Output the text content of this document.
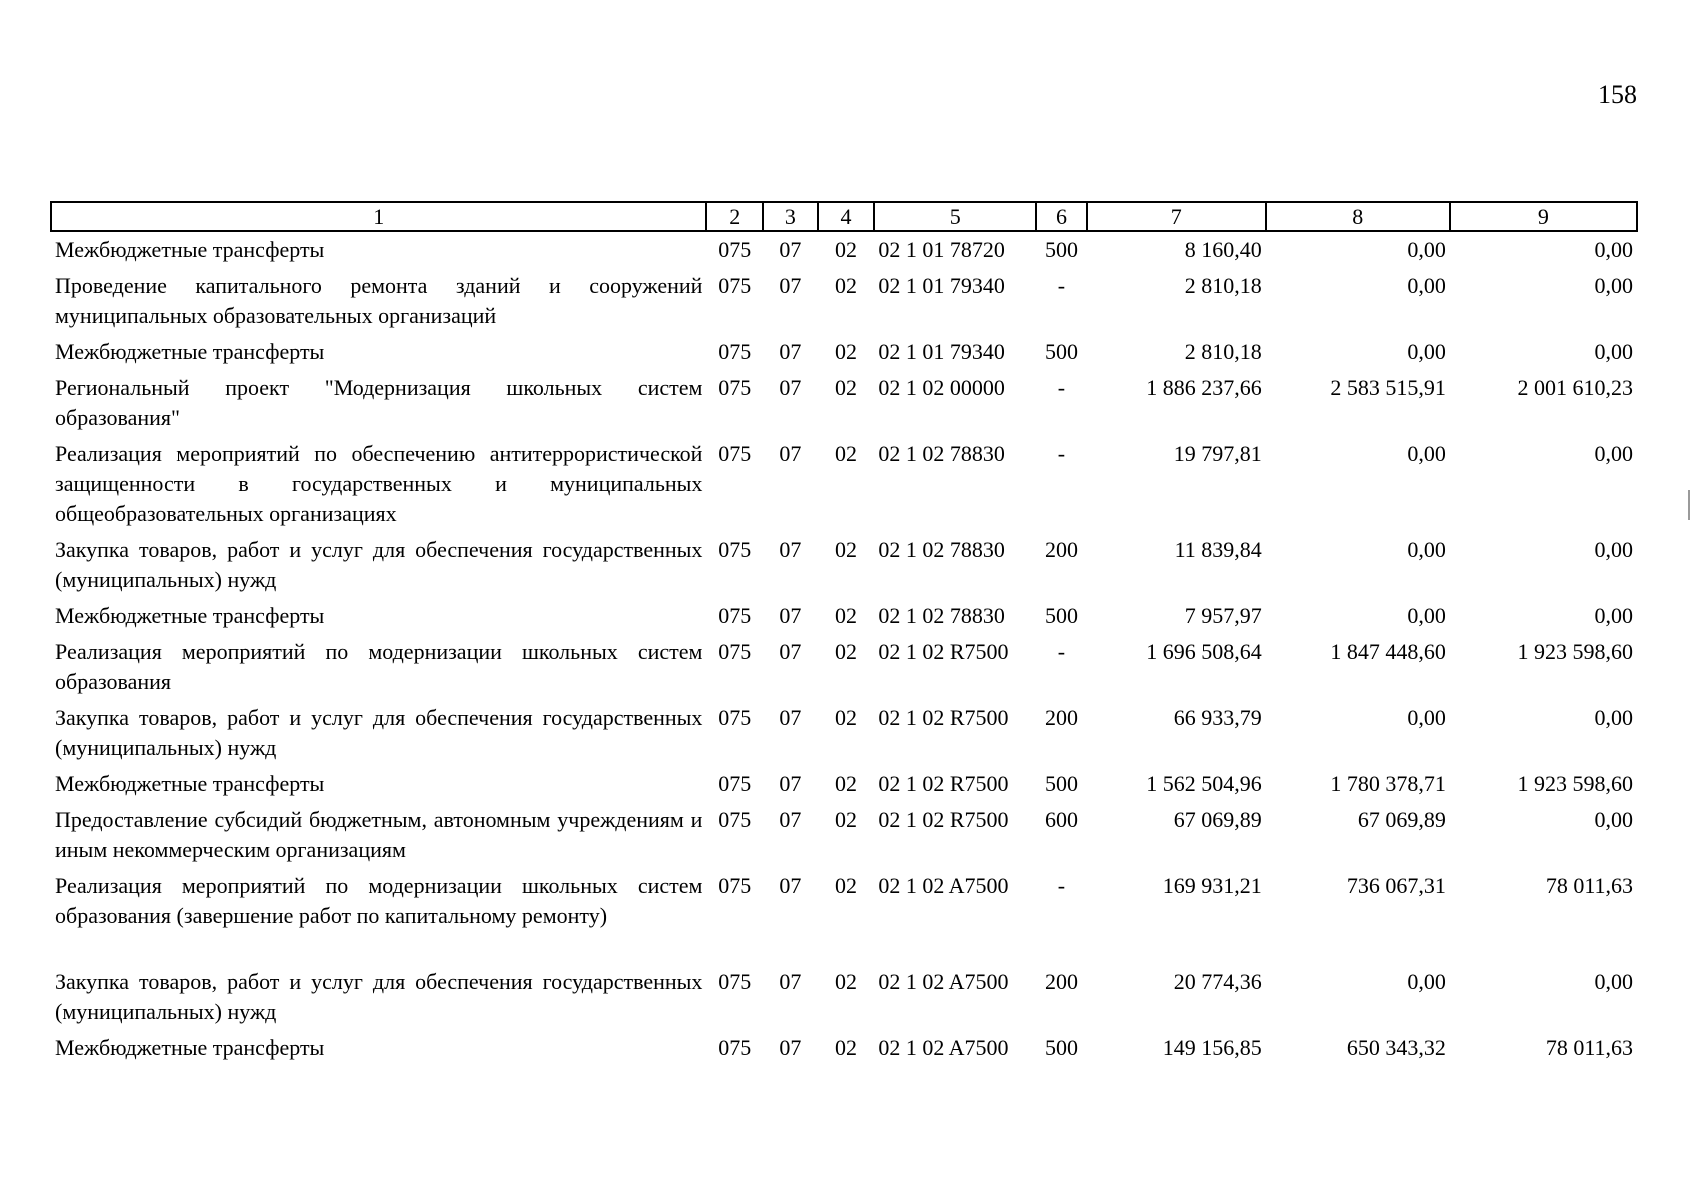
158
1	2	3	4	5	6	7	8	9
Межбюджетные трансферты	075	07	02	02 1 01 78720	500	8 160,40	0,00	0,00
Проведение капитального ремонта зданий и сооружений муниципальных образовательных организаций	075	07	02	02 1 01 79340	-	2 810,18	0,00	0,00
Межбюджетные трансферты	075	07	02	02 1 01 79340	500	2 810,18	0,00	0,00
Региональный проект "Модернизация школьных систем образования"	075	07	02	02 1 02 00000	-	1 886 237,66	2 583 515,91	2 001 610,23
Реализация мероприятий по обеспечению антитеррористической защищенности в государственных и муниципальных общеобразовательных организациях	075	07	02	02 1 02 78830	-	19 797,81	0,00	0,00
Закупка товаров, работ и услуг для обеспечения государственных (муниципальных) нужд	075	07	02	02 1 02 78830	200	11 839,84	0,00	0,00
Межбюджетные трансферты	075	07	02	02 1 02 78830	500	7 957,97	0,00	0,00
Реализация мероприятий по модернизации школьных систем образования	075	07	02	02 1 02 R7500	-	1 696 508,64	1 847 448,60	1 923 598,60
Закупка товаров, работ и услуг для обеспечения государственных (муниципальных) нужд	075	07	02	02 1 02 R7500	200	66 933,79	0,00	0,00
Межбюджетные трансферты	075	07	02	02 1 02 R7500	500	1 562 504,96	1 780 378,71	1 923 598,60
Предоставление субсидий бюджетным, автономным учреждениям и иным некоммерческим организациям	075	07	02	02 1 02 R7500	600	67 069,89	67 069,89	0,00
Реализация мероприятий по модернизации школьных систем образования (завершение работ по капитальному ремонту)	075	07	02	02 1 02 A7500	-	169 931,21	736 067,31	78 011,63

Закупка товаров, работ и услуг для обеспечения государственных (муниципальных) нужд	075	07	02	02 1 02 A7500	200	20 774,36	0,00	0,00
Межбюджетные трансферты	075	07	02	02 1 02 A7500	500	149 156,85	650 343,32	78 011,63
